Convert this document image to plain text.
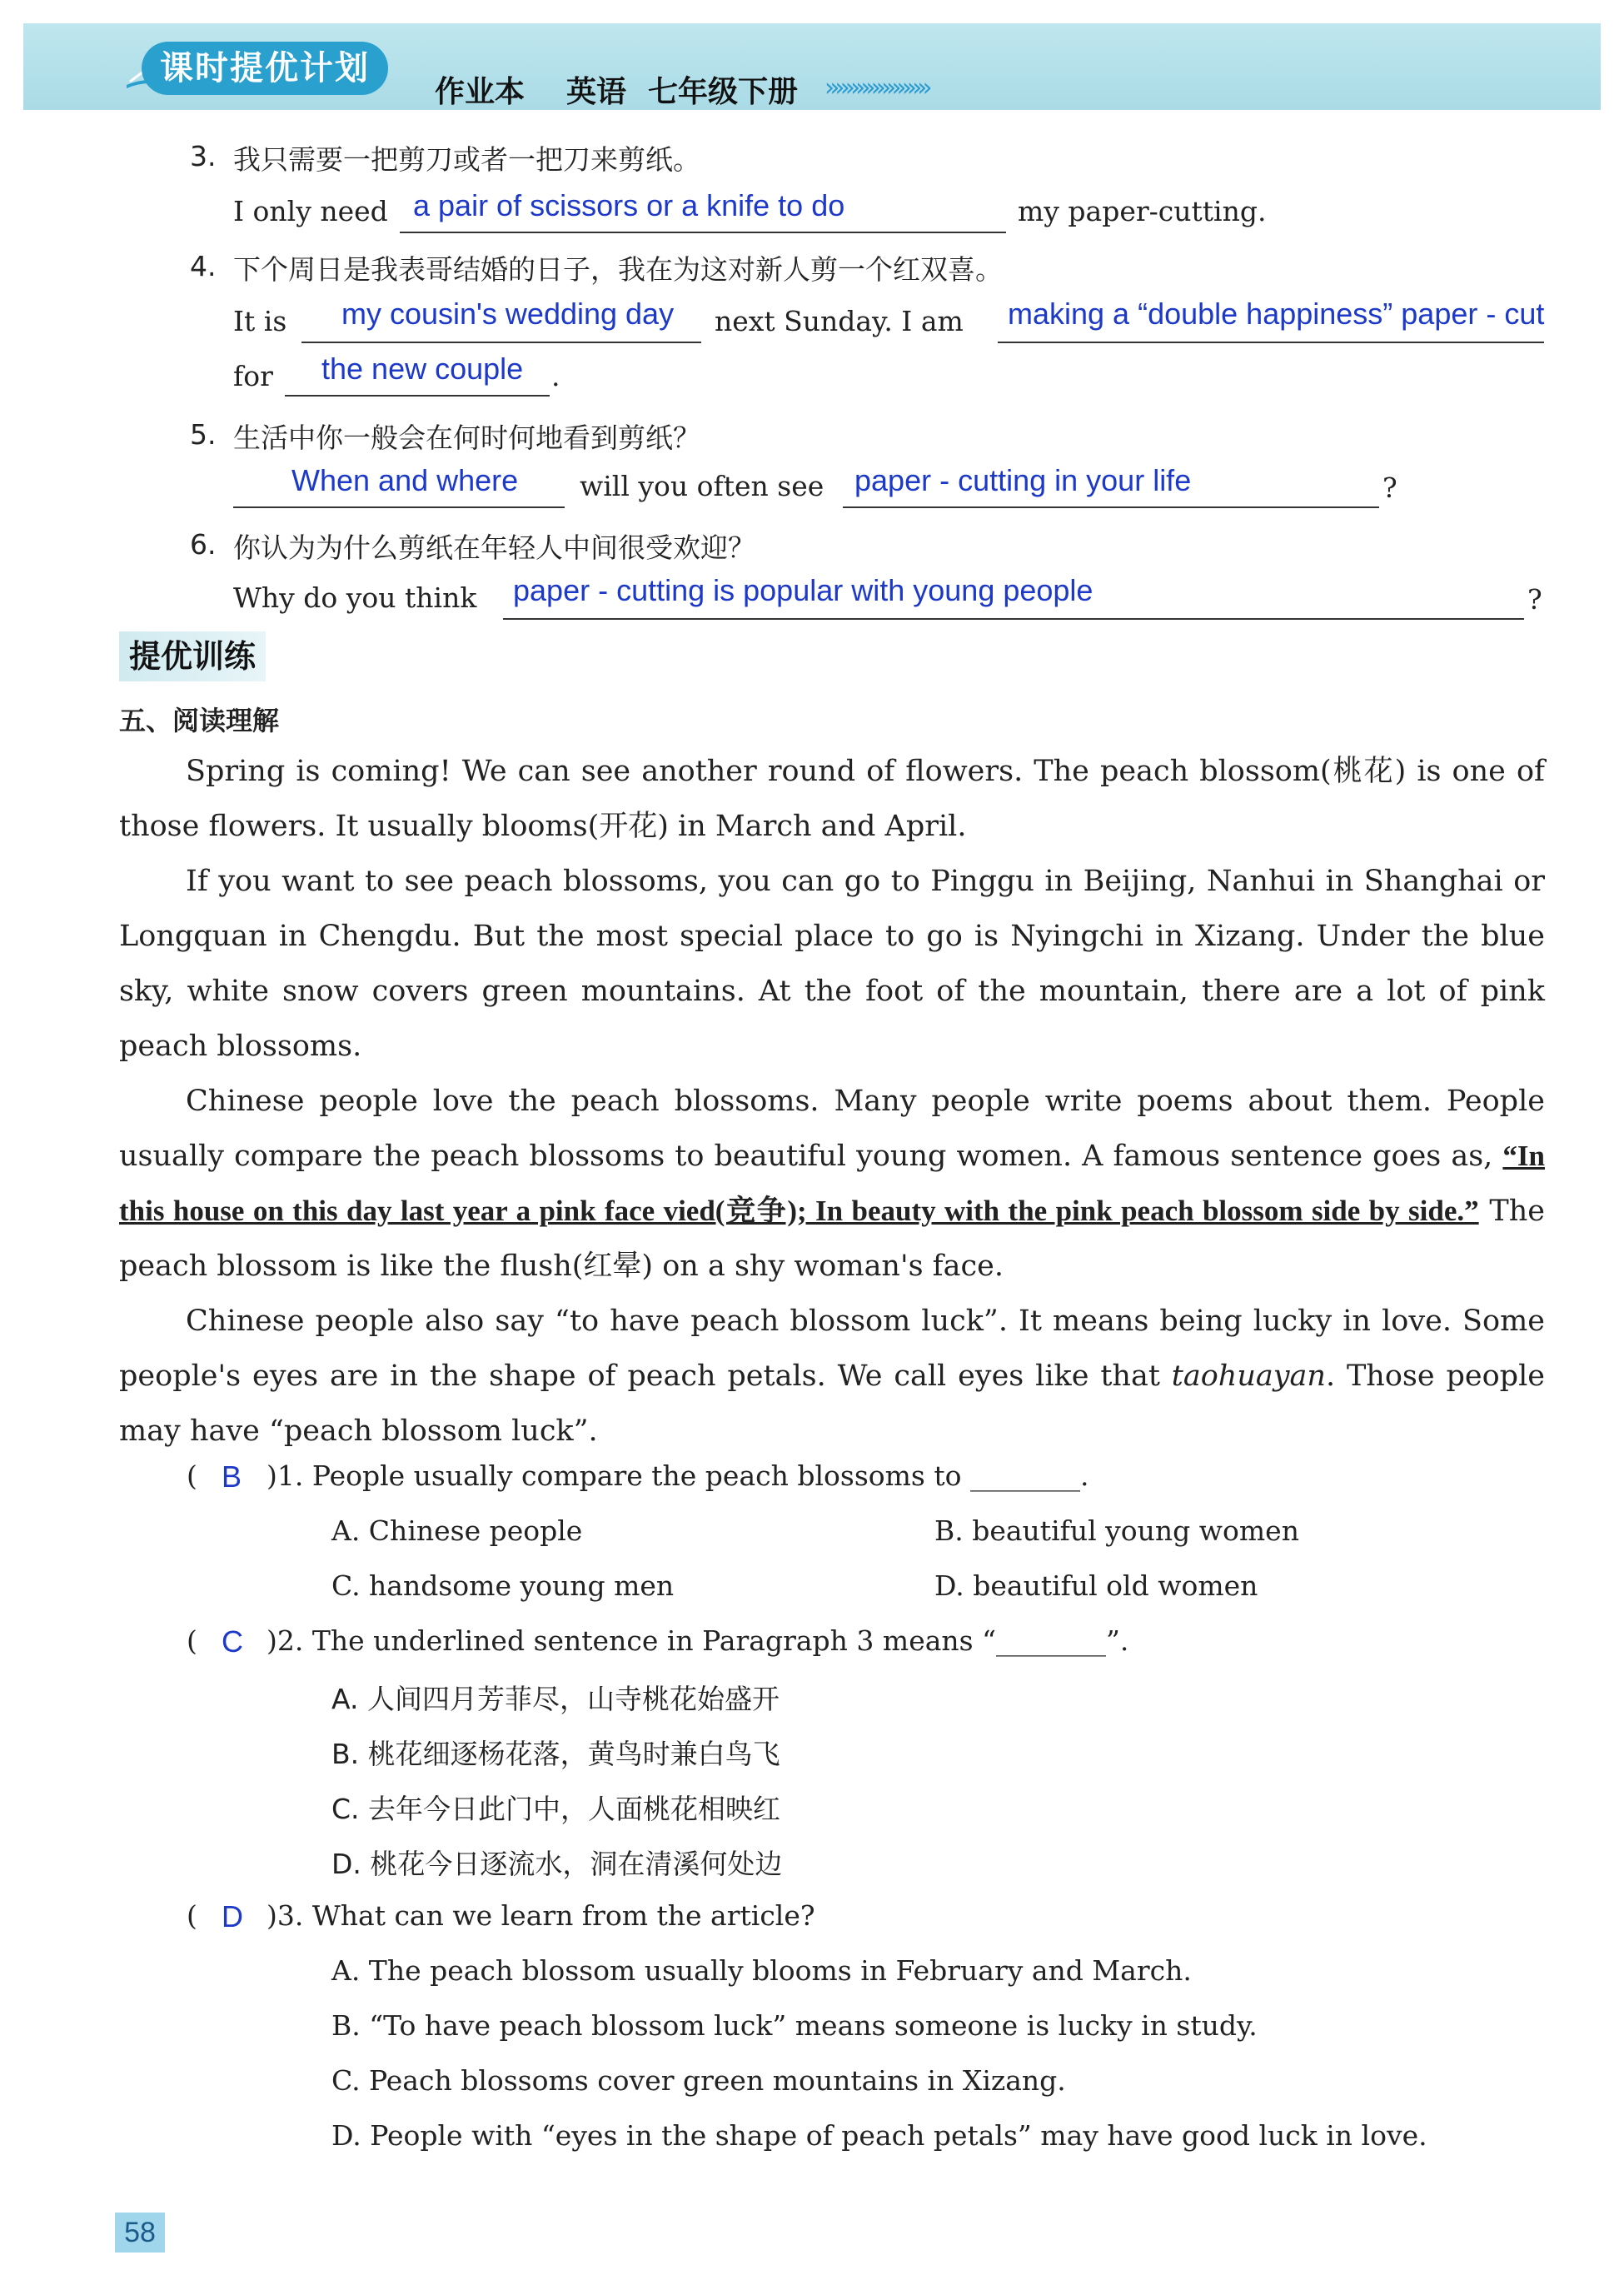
课时提优计划
作业本 英语 七年级下册 »»»»»»»»»»
3. 我只需要一把剪刀或者一把刀来剪纸。
I only need a pair of scissors or a knife to do	my paper-cutting.
4. 下个周日是我表哥结婚的日子，我在为这对新人剪一个红双喜。
It is my cousin's wedding day next Sunday. I am making a “double happiness” paper - cut
for the new couple .
5. 生活中你一般会在何时何地看到剪纸？
When and where will you often see paper - cutting in your life	?
6. 你认为为什么剪纸在年轻人中间很受欢迎？
Why do you think paper - cutting is popular with young people	?
提优训练
五、阅读理解

Spring is coming! We can see another round of flowers. The peach blossom(桃花) is one of those flowers. It usually blooms(开花) in March and April.

If you want to see peach blossoms, you can go to Pinggu in Beijing, Nanhui in Shanghai or Longquan in Chengdu. But the most special place to go is Nyingchi in Xizang. Under the blue sky, white snow covers green mountains. At the foot of the mountain, there are a lot of pink peach blossoms.

Chinese people love the peach blossoms. Many people write poems about them. People usually compare the peach blossoms to beautiful young women. A famous sentence goes as, “In this house on this day last year a pink face vied(竞争); In beauty with the pink peach blossom side by side.” The peach blossom is like the flush(红晕) on a shy woman's face.

Chinese people also say “to have peach blossom luck”. It means being lucky in love. Some people's eyes are in the shape of peach petals. We call eyes like that taohuayan. Those people may have “peach blossom luck”.

( B )1. People usually compare the peach blossoms to ________.
A. Chinese people	B. beautiful young women
C. handsome young men	D. beautiful old women
( C )2. The underlined sentence in Paragraph 3 means “________”.
A. 人间四月芳菲尽，山寺桃花始盛开
B. 桃花细逐杨花落，黄鸟时兼白鸟飞
C. 去年今日此门中，人面桃花相映红
D. 桃花今日逐流水，洞在清溪何处边
( D )3. What can we learn from the article?
A. The peach blossom usually blooms in February and March.
B. “To have peach blossom luck” means someone is lucky in study.
C. Peach blossoms cover green mountains in Xizang.
D. People with “eyes in the shape of peach petals” may have good luck in love.
58
